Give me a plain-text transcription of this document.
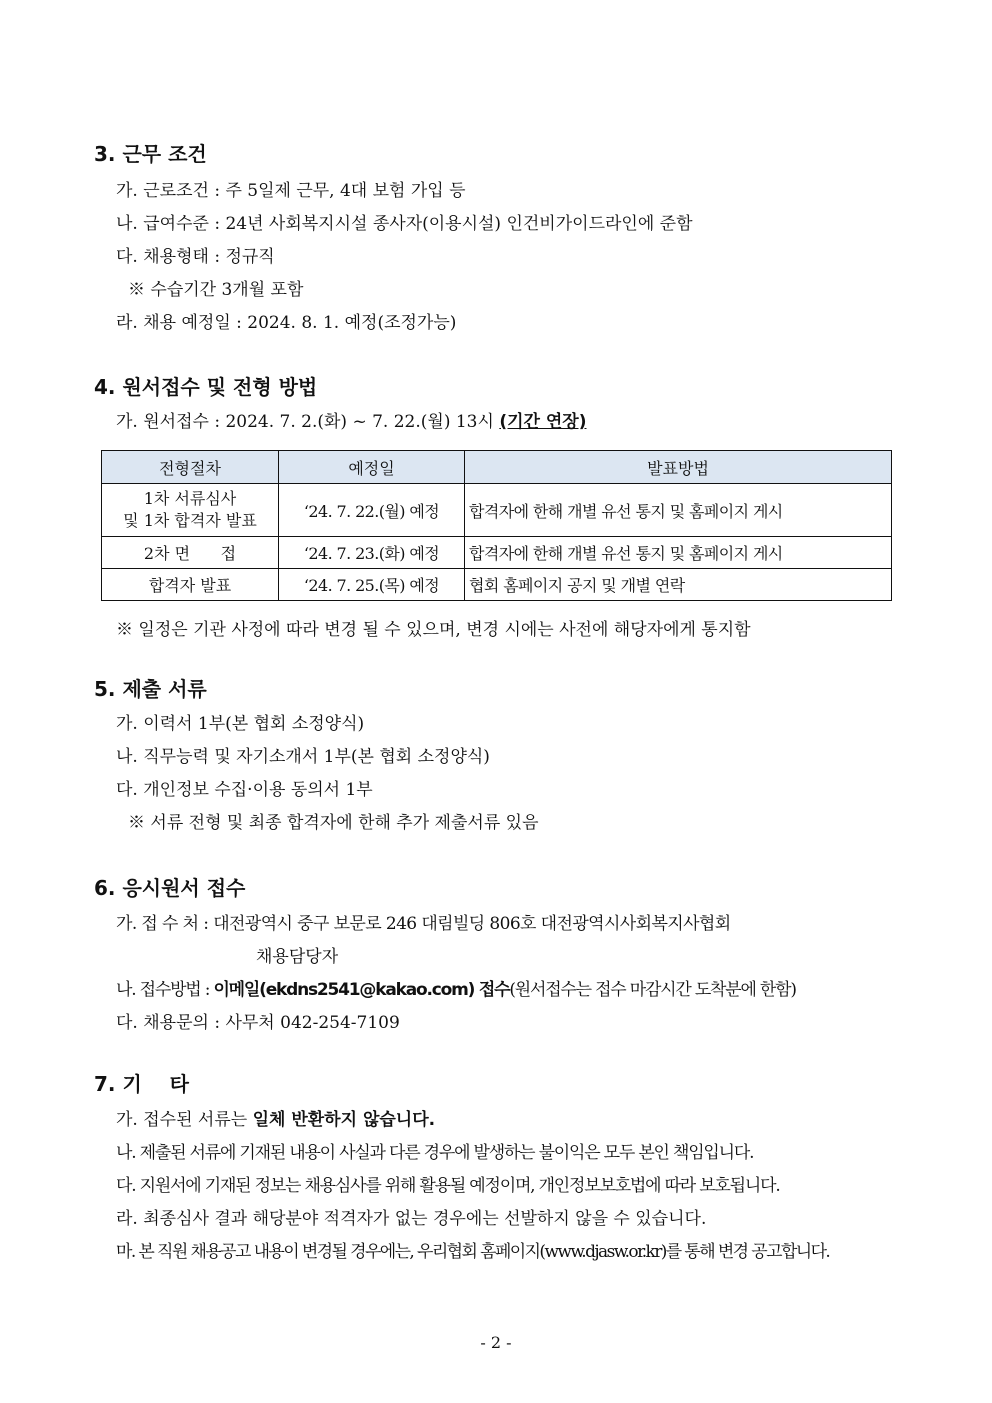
3. 근무 조건
가. 근로조건 : 주 5일제 근무, 4대 보험 가입 등
나. 급여수준 : 24년 사회복지시설 종사자(이용시설) 인건비가이드라인에 준함
다. 채용형태 : 정규직
※ 수습기간 3개월 포함
라. 채용 예정일 : 2024. 8. 1. 예정(조정가능)
4. 원서접수 및 전형 방법
가. 원서접수 : 2024. 7. 2.(화) ~ 7. 22.(월) 13시 (기간 연장)
전형절차	예정일	발표방법

1차 서류심사
및 1차 합격자 발표	‘24. 7. 22.(월) 예정	합격자에 한해 개별 유선 통지 및 홈페이지 게시
2차 면      접	‘24. 7. 23.(화) 예정	합격자에 한해 개별 유선 통지 및 홈페이지 게시
합격자 발표	‘24. 7. 25.(목) 예정	협회 홈페이지 공지 및 개별 연락
※ 일정은 기관 사정에 따라 변경 될 수 있으며, 변경 시에는 사전에 해당자에게 통지함
5. 제출 서류
가. 이력서 1부(본 협회 소정양식)
나. 직무능력 및 자기소개서 1부(본 협회 소정양식)
다. 개인정보 수집·이용 동의서 1부
※ 서류 전형 및 최종 합격자에 한해 추가 제출서류 있음
6. 응시원서 접수
가. 접 수 처 : 대전광역시 중구 보문로 246 대림빌딩 806호 대전광역시사회복지사협회
채용담당자
나. 접수방법 : 이메일(ekdns2541@kakao.com) 접수(원서접수는 접수 마감시간 도착분에 한함)
다. 채용문의 : 사무처 042-254-7109
7. 기    타
가. 접수된 서류는 일체 반환하지 않습니다.
나. 제출된 서류에 기재된 내용이 사실과 다른 경우에 발생하는 불이익은 모두 본인 책임입니다.
다. 지원서에 기재된 정보는 채용심사를 위해 활용될 예정이며, 개인정보보호법에 따라 보호됩니다.
라. 최종심사 결과 해당분야 적격자가 없는 경우에는 선발하지 않을 수 있습니다.
마. 본 직원 채용공고 내용이 변경될 경우에는, 우리협회 홈페이지(www.djasw.or.kr)를 통해 변경 공고합니다.
- 2 -
